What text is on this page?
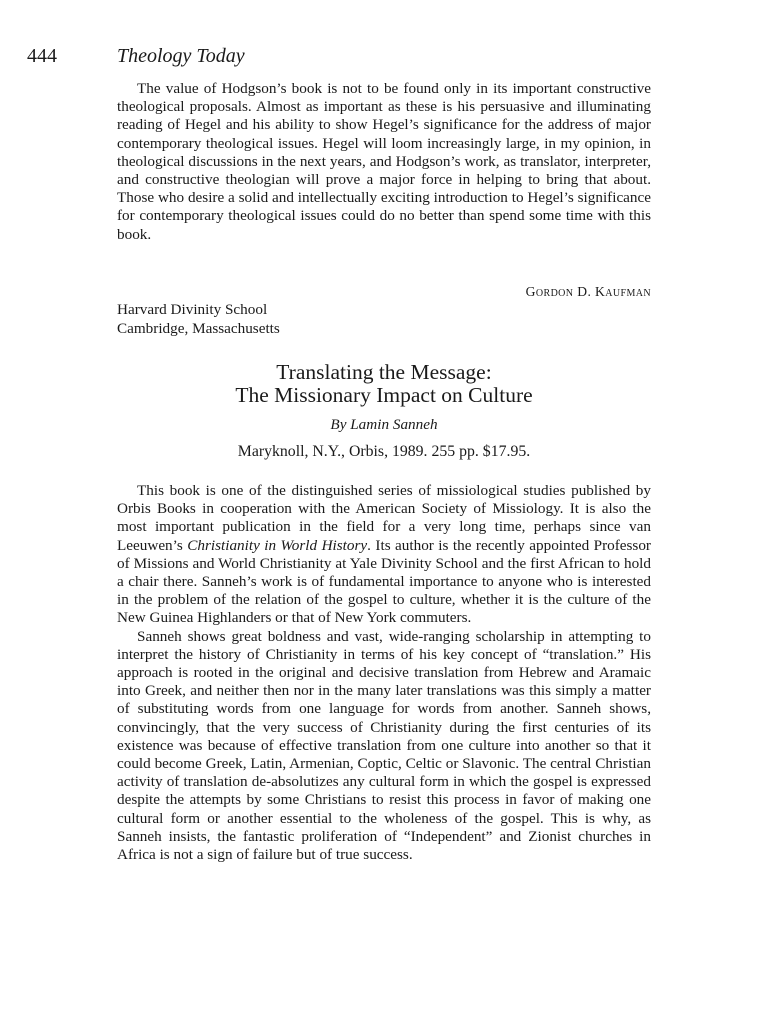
444	Theology Today

The value of Hodgson’s book is not to be found only in its important constructive theological proposals. Almost as important as these is his persuasive and illuminating reading of Hegel and his ability to show Hegel’s significance for the address of major contemporary theological issues. Hegel will loom increasingly large, in my opinion, in theological discussions in the next years, and Hodgson’s work, as translator, interpreter, and constructive theologian will prove a major force in helping to bring that about. Those who desire a solid and intellectually exciting introduction to Hegel’s significance for contemporary theological issues could do no better than spend some time with this book.

Gordon D. Kaufman
Harvard Divinity School
Cambridge, Massachusetts
Translating the Message:
The Missionary Impact on Culture
By Lamin Sanneh
Maryknoll, N.Y., Orbis, 1989. 255 pp. $17.95.

This book is one of the distinguished series of missiological studies published by Orbis Books in cooperation with the American Society of Missiology. It is also the most important publication in the field for a very long time, perhaps since van Leeuwen’s Christianity in World History. Its author is the recently appointed Professor of Missions and World Christianity at Yale Divinity School and the first African to hold a chair there. Sanneh’s work is of fundamental importance to anyone who is interested in the problem of the relation of the gospel to culture, whether it is the culture of the New Guinea Highlanders or that of New York commuters.

Sanneh shows great boldness and vast, wide-ranging scholarship in attempting to interpret the history of Christianity in terms of his key concept of “translation.” His approach is rooted in the original and decisive translation from Hebrew and Aramaic into Greek, and neither then nor in the many later translations was this simply a matter of substituting words from one language for words from another. Sanneh shows, convincingly, that the very success of Christianity during the first centuries of its existence was because of effective translation from one culture into another so that it could become Greek, Latin, Armenian, Coptic, Celtic or Slavonic. The central Christian activity of translation de-absolutizes any cultural form in which the gospel is expressed despite the attempts by some Christians to resist this process in favor of making one cultural form or another essential to the wholeness of the gospel. This is why, as Sanneh insists, the fantastic proliferation of “Independent” and Zionist churches in Africa is not a sign of failure but of true success.
